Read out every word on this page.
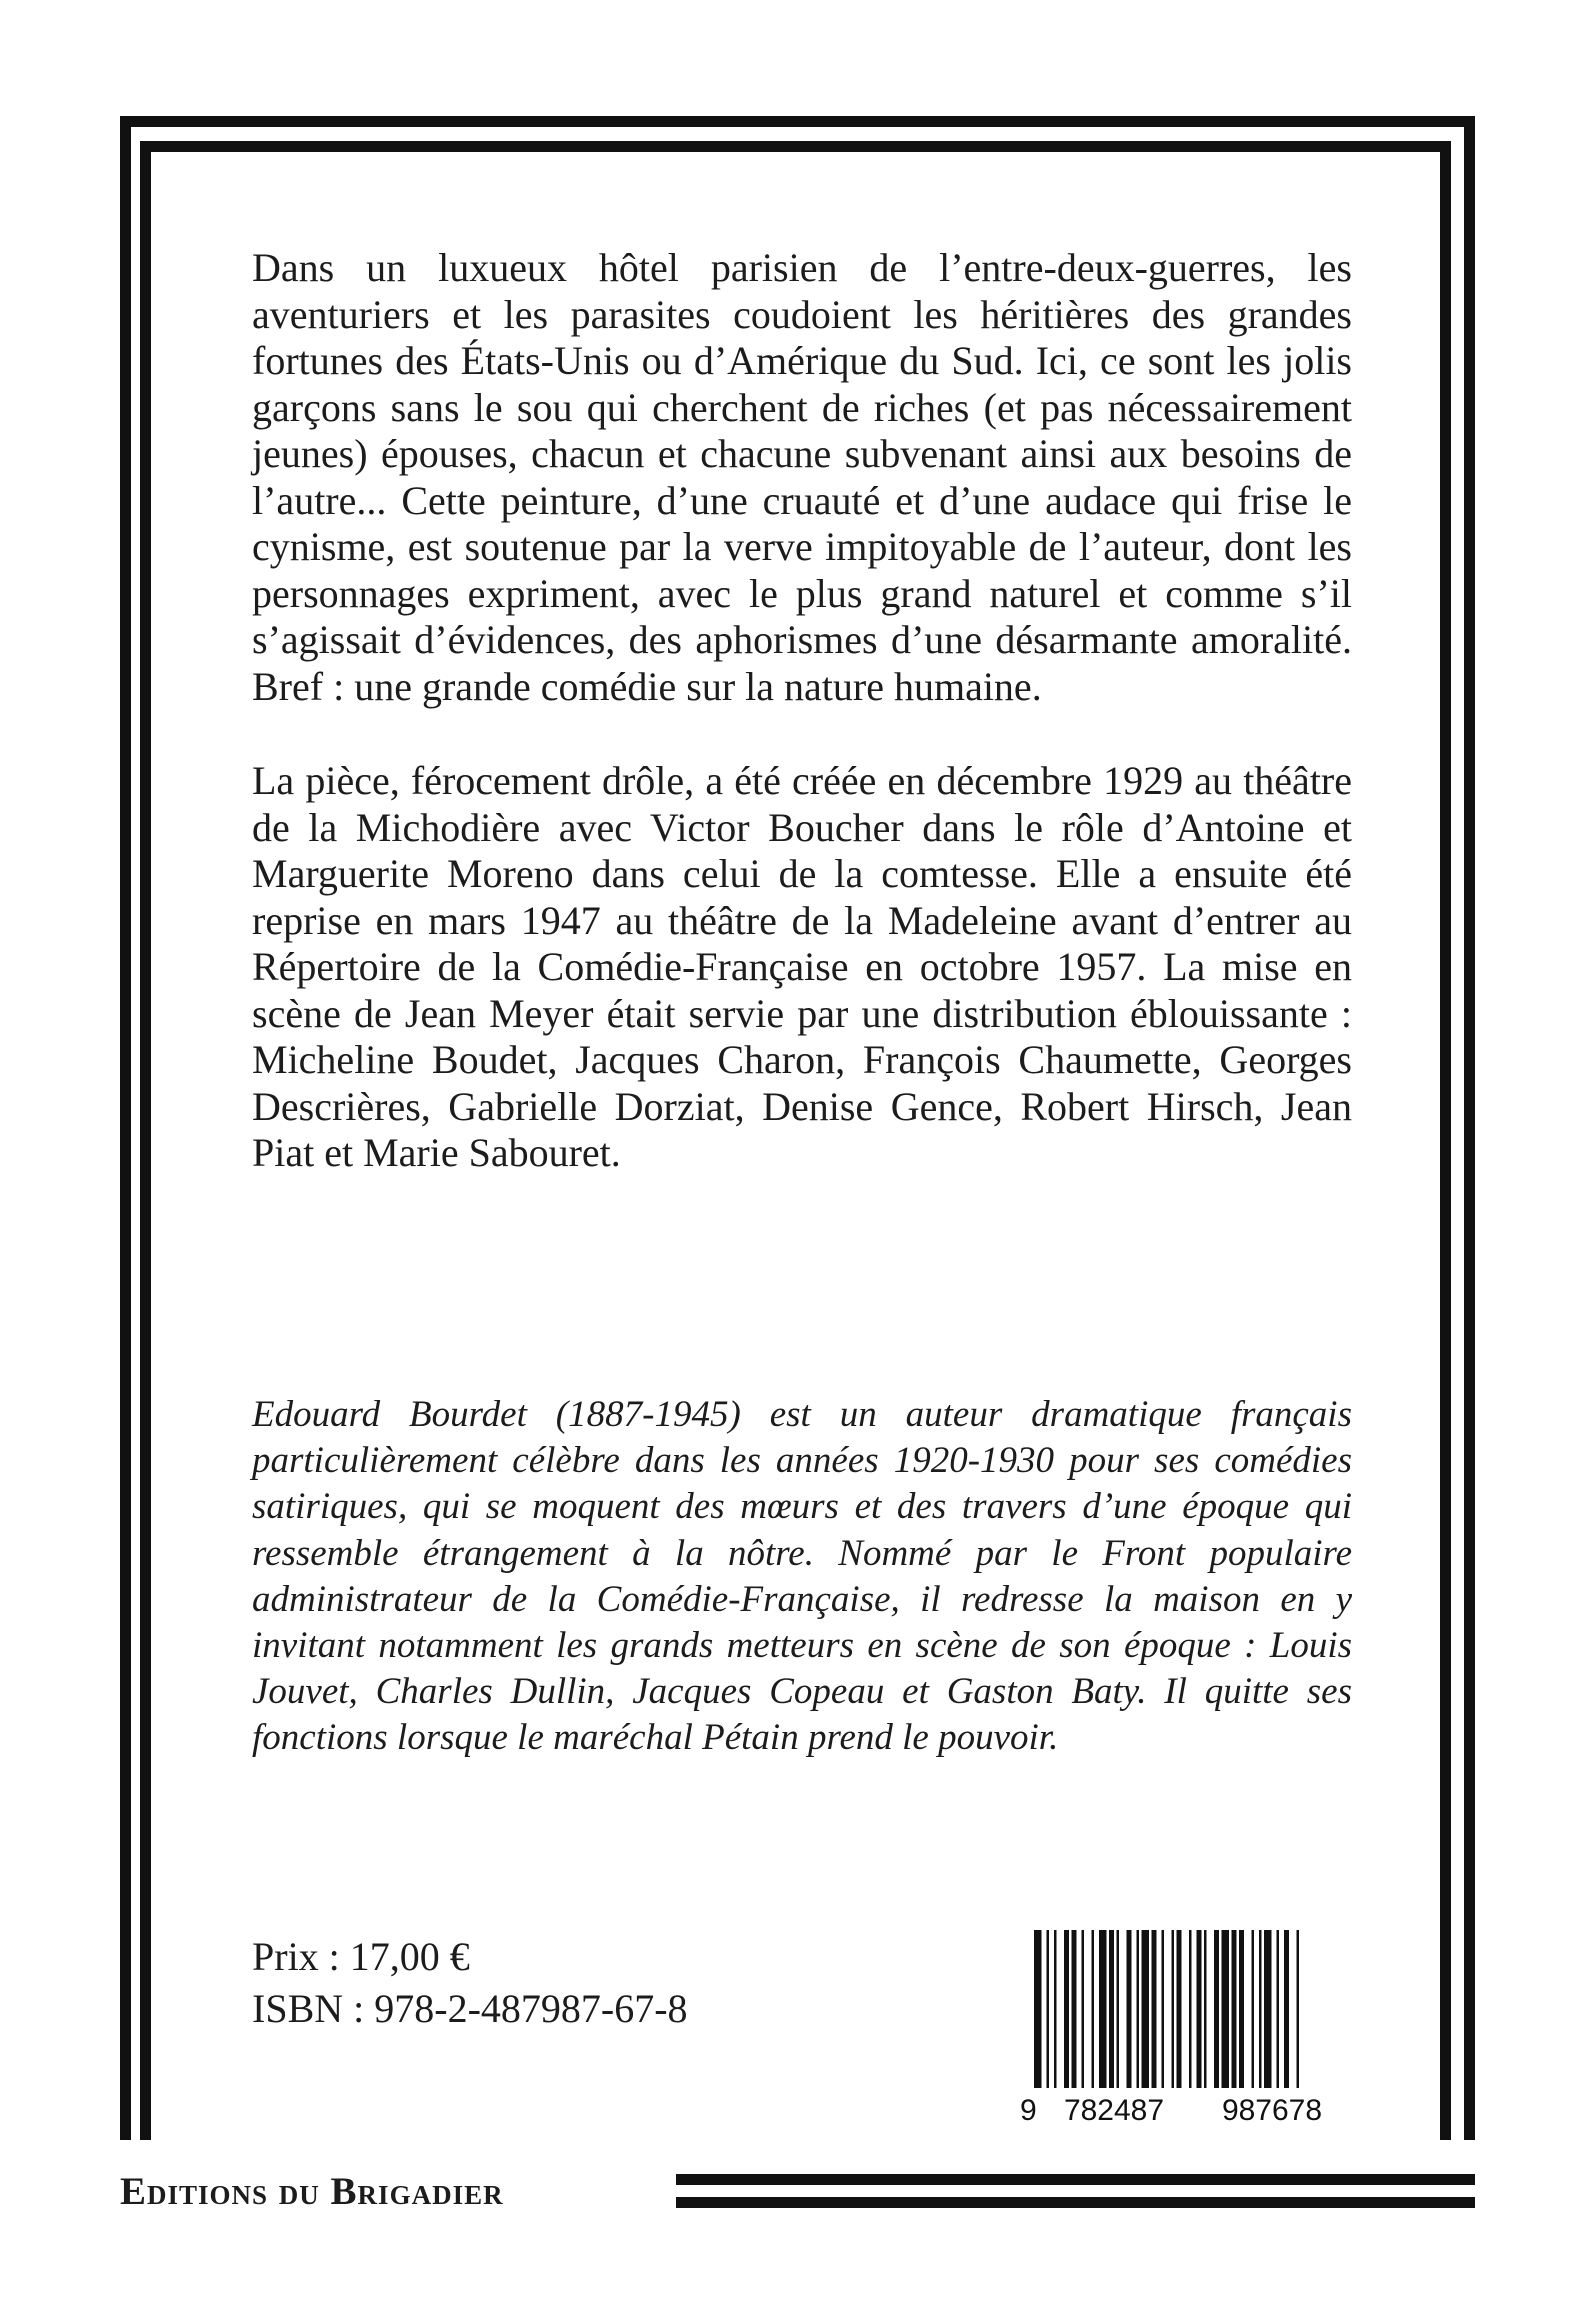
Dans un luxueux hôtel parisien de l’entre-deux-guerres, les aventuriers et les parasites coudoient les héritières des grandes fortunes des États-Unis ou d’Amérique du Sud. Ici, ce sont les jolis garçons sans le sou qui cherchent de riches (et pas nécessairement jeunes) épouses, chacun et chacune subvenant ainsi aux besoins de l’autre... Cette peinture, d’une cruauté et d’une audace qui frise le cynisme, est soutenue par la verve impitoyable de l’auteur, dont les personnages expriment, avec le plus grand naturel et comme s’il s’agissait d’évidences, des aphorismes d’une désarmante amoralité. Bref : une grande comédie sur la nature humaine.

La pièce, férocement drôle, a été créée en décembre 1929 au théâtre de la Michodière avec Victor Boucher dans le rôle d’Antoine et Marguerite Moreno dans celui de la comtesse. Elle a ensuite été reprise en mars 1947 au théâtre de la Madeleine avant d’entrer au Répertoire de la Comédie-Française en octobre 1957. La mise en scène de Jean Meyer était servie par une distribution éblouissante : Micheline Boudet, Jacques Charon, François Chaumette, Georges Descrières, Gabrielle Dorziat, Denise Gence, Robert Hirsch, Jean Piat et Marie Sabouret.

Edouard Bourdet (1887-1945) est un auteur dramatique français particulièrement célèbre dans les années 1920-1930 pour ses comédies satiriques, qui se moquent des mœurs et des travers d’une époque qui ressemble étrangement à la nôtre. Nommé par le Front populaire administrateur de la Comédie-Française, il redresse la maison en y invitant notamment les grands metteurs en scène de son époque : Louis Jouvet, Charles Dullin, Jacques Copeau et Gaston Baty. Il quitte ses fonctions lorsque le maréchal Pétain prend le pouvoir.

Prix : 17,00 €
ISBN : 978-2-487987-67-8
9 782487 987678
Editions du Brigadier
